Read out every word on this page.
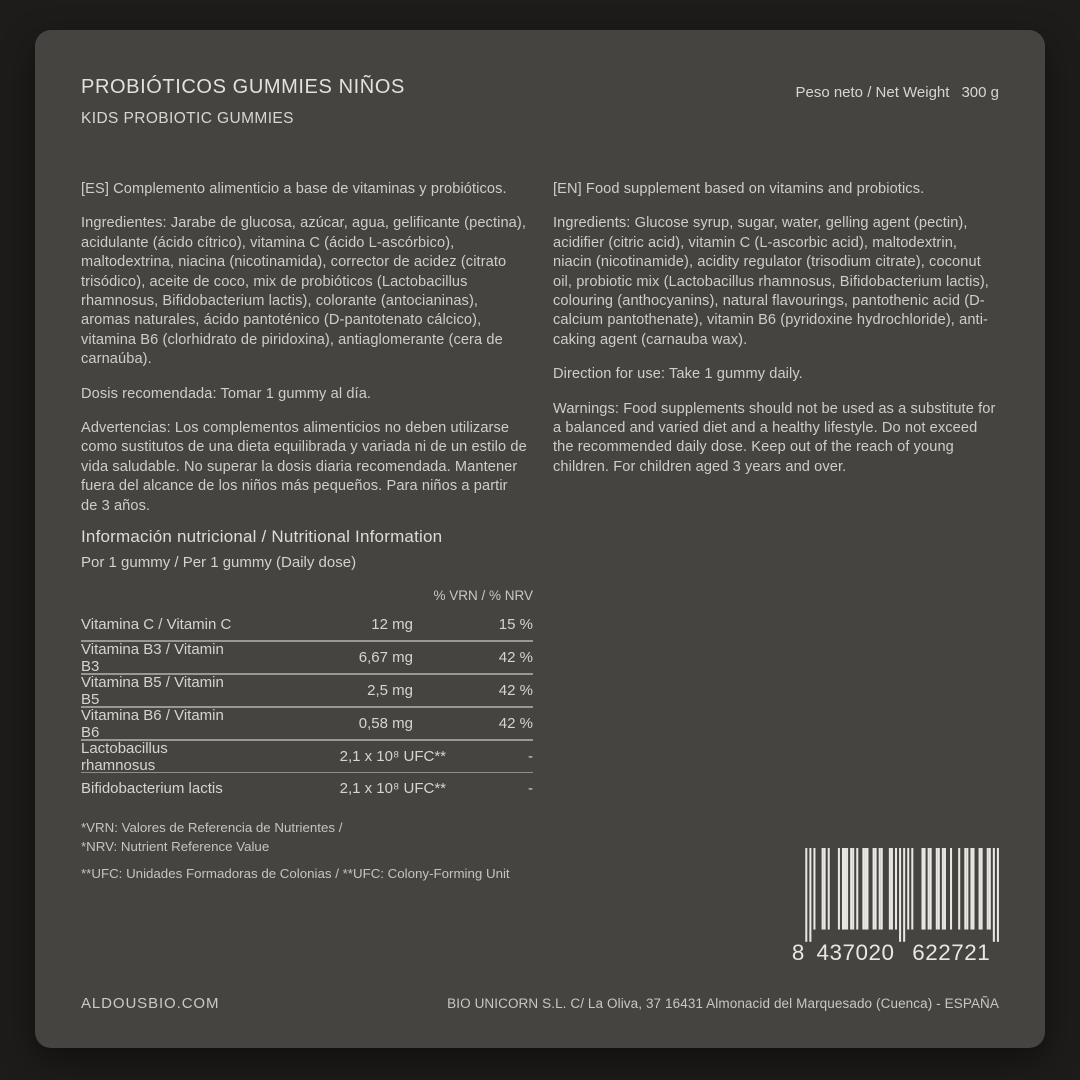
PROBIÓTICOS GUMMIES NIÑOS
KIDS PROBIOTIC GUMMIES
Peso neto / Net Weight 300 g

[ES] Complemento alimenticio a base de vitaminas y probióticos.

Ingredientes: Jarabe de glucosa, azúcar, agua, gelificante (pectina), acidulante (ácido cítrico), vitamina C (ácido L-ascórbico), maltodextrina, niacina (nicotinamida), corrector de acidez (citrato trisódico), aceite de coco, mix de probióticos (Lactobacillus rhamnosus, Bifidobacterium lactis), colorante (antocianinas), aromas naturales, ácido pantoténico (D-pantotenato cálcico), vitamina B6 (clorhidrato de piridoxina), antiaglomerante (cera de carnaúba).

Dosis recomendada: Tomar 1 gummy al día.

Advertencias: Los complementos alimenticios no deben utilizarse como sustitutos de una dieta equilibrada y variada ni de un estilo de vida saludable. No superar la dosis diaria recomendada. Mantener fuera del alcance de los niños más pequeños. Para niños a partir de 3 años.

[EN] Food supplement based on vitamins and probiotics.

Ingredients: Glucose syrup, sugar, water, gelling agent (pectin), acidifier (citric acid), vitamin C (L-ascorbic acid), maltodextrin, niacin (nicotinamide), acidity regulator (trisodium citrate), coconut oil, probiotic mix (Lactobacillus rhamnosus, Bifidobacterium lactis), colouring (anthocyanins), natural flavourings, pantothenic acid (D-calcium pantothenate), vitamin B6 (pyridoxine hydrochloride), anti-caking agent (carnauba wax).

Direction for use: Take 1 gummy daily.

Warnings: Food supplements should not be used as a substitute for a balanced and varied diet and a healthy lifestyle. Do not exceed the recommended daily dose. Keep out of the reach of young children. For children aged 3 years and over.

Información nutricional / Nutritional Information
Por 1 gummy / Per 1 gummy (Daily dose)
% VRN / % NRV
Vitamina C / Vitamin C	12 mg	15 %
Vitamina B3 / Vitamin B3	6,67 mg	42 %
Vitamina B5 / Vitamin B5	2,5 mg	42 %
Vitamina B6 / Vitamin B6	0,58 mg	42 %
Lactobacillus rhamnosus	2,1 x 10⁸ UFC**	-
Bifidobacterium lactis	2,1 x 10⁸ UFC**	-

*VRN: Valores de Referencia de Nutrientes /
*NRV: Nutrient Reference Value

**UFC: Unidades Formadoras de Colonias / **UFC: Colony-Forming Unit

8 437020 622721
ALDOUSBIO.COM	BIO UNICORN S.L. C/ La Oliva, 37 16431 Almonacid del Marquesado (Cuenca) - ESPAÑA
